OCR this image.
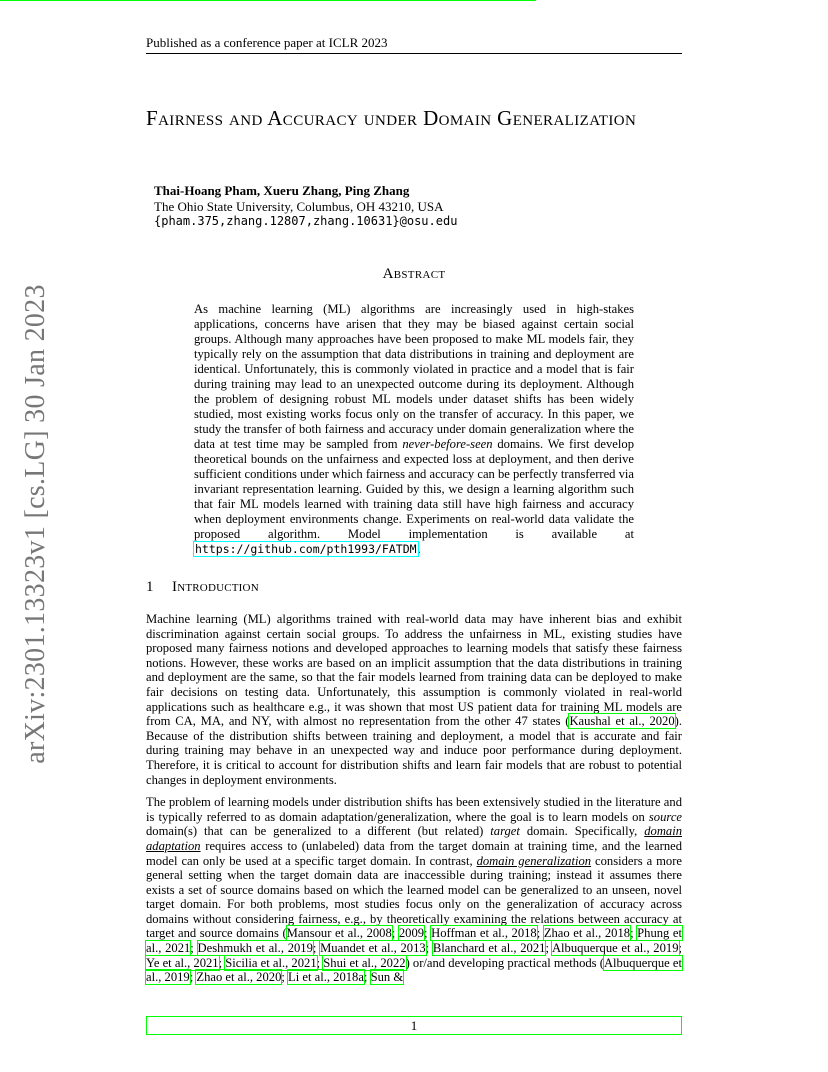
Published as a conference paper at ICLR 2023
Fairness and Accuracy under Domain Generalization
Thai-Hoang Pham, Xueru Zhang, Ping Zhang
The Ohio State University, Columbus, OH 43210, USA
{pham.375,zhang.12807,zhang.10631}@osu.edu
Abstract

As machine learning (ML) algorithms are increasingly used in high-stakes applications, concerns have arisen that they may be biased against certain social groups. Although many approaches have been proposed to make ML models fair, they typically rely on the assumption that data distributions in training and deployment are identical. Unfortunately, this is commonly violated in practice and a model that is fair during training may lead to an unexpected outcome during its deployment. Although the problem of designing robust ML models under dataset shifts has been widely studied, most existing works focus only on the transfer of accuracy. In this paper, we study the transfer of both fairness and accuracy under domain generalization where the data at test time may be sampled from never-before-seen domains. We first develop theoretical bounds on the unfairness and expected loss at deployment, and then derive sufficient conditions under which fairness and accuracy can be perfectly transferred via invariant representation learning. Guided by this, we design a learning algorithm such that fair ML models learned with training data still have high fairness and accuracy when deployment environments change. Experiments on real-world data validate the proposed algorithm. Model implementation is available at https://github.com/pth1993/FATDM.

1 Introduction

Machine learning (ML) algorithms trained with real-world data may have inherent bias and exhibit discrimination against certain social groups. To address the unfairness in ML, existing studies have proposed many fairness notions and developed approaches to learning models that satisfy these fairness notions. However, these works are based on an implicit assumption that the data distributions in training and deployment are the same, so that the fair models learned from training data can be deployed to make fair decisions on testing data. Unfortunately, this assumption is commonly violated in real-world applications such as healthcare e.g., it was shown that most US patient data for training ML models are from CA, MA, and NY, with almost no representation from the other 47 states (Kaushal et al., 2020). Because of the distribution shifts between training and deployment, a model that is accurate and fair during training may behave in an unexpected way and induce poor performance during deployment. Therefore, it is critical to account for distribution shifts and learn fair models that are robust to potential changes in deployment environments.

The problem of learning models under distribution shifts has been extensively studied in the literature and is typically referred to as domain adaptation/generalization, where the goal is to learn models on source domain(s) that can be generalized to a different (but related) target domain. Specifically, domain adaptation requires access to (unlabeled) data from the target domain at training time, and the learned model can only be used at a specific target domain. In contrast, domain generalization considers a more general setting when the target domain data are inaccessible during training; instead it assumes there exists a set of source domains based on which the learned model can be generalized to an unseen, novel target domain. For both problems, most studies focus only on the generalization of accuracy across domains without considering fairness, e.g., by theoretically examining the relations between accuracy at target and source domains (Mansour et al., 2008; 2009; Hoffman et al., 2018; Zhao et al., 2018; Phung et al., 2021; Deshmukh et al., 2019; Muandet et al., 2013; Blanchard et al., 2021; Albuquerque et al., 2019; Ye et al., 2021; Sicilia et al., 2021; Shui et al., 2022) or/and developing practical methods (Albuquerque et al., 2019; Zhao et al., 2020; Li et al., 2018a; Sun &

1
arXiv:2301.13323v1 [cs.LG] 30 Jan 2023
